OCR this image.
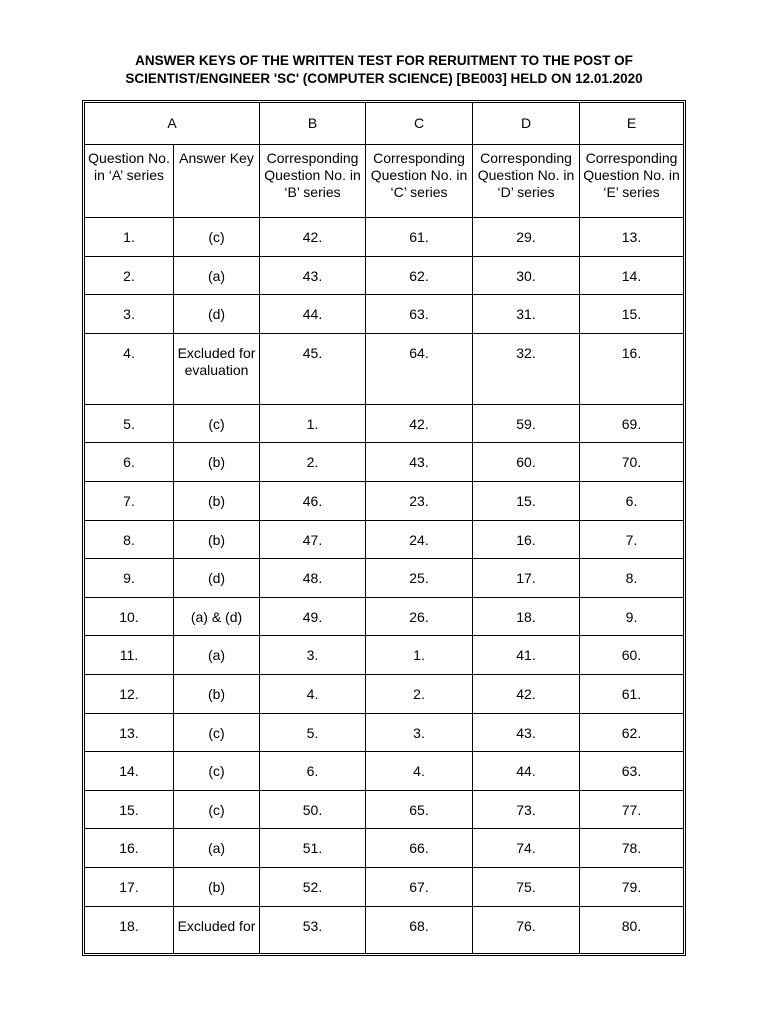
ANSWER KEYS OF THE WRITTEN TEST FOR RERUITMENT TO THE POST OF
SCIENTIST/ENGINEER 'SC' (COMPUTER SCIENCE) [BE003] HELD ON 12.01.2020
A		B	C	D	E
Question No. in ‘A’ series	Answer Key	Corresponding Question No. in ‘B’ series	Corresponding Question No. in ‘C’ series	Corresponding Question No. in ‘D’ series	Corresponding Question No. in ‘E’ series
1.	(c)	42.	61.	29.	13.
2.	(a)	43.	62.	30.	14.
3.	(d)	44.	63.	31.	15.
4.	Excluded for evaluation	45.	64.	32.	16.
5.	(c)	1.	42.	59.	69.
6.	(b)	2.	43.	60.	70.
7.	(b)	46.	23.	15.	6.
8.	(b)	47.	24.	16.	7.
9.	(d)	48.	25.	17.	8.
10.	(a) & (d)	49.	26.	18.	9.
11.	(a)	3.	1.	41.	60.
12.	(b)	4.	2.	42.	61.
13.	(c)	5.	3.	43.	62.
14.	(c)	6.	4.	44.	63.
15.	(c)	50.	65.	73.	77.
16.	(a)	51.	66.	74.	78.
17.	(b)	52.	67.	75.	79.
18.	Excluded for	53.	68.	76.	80.
